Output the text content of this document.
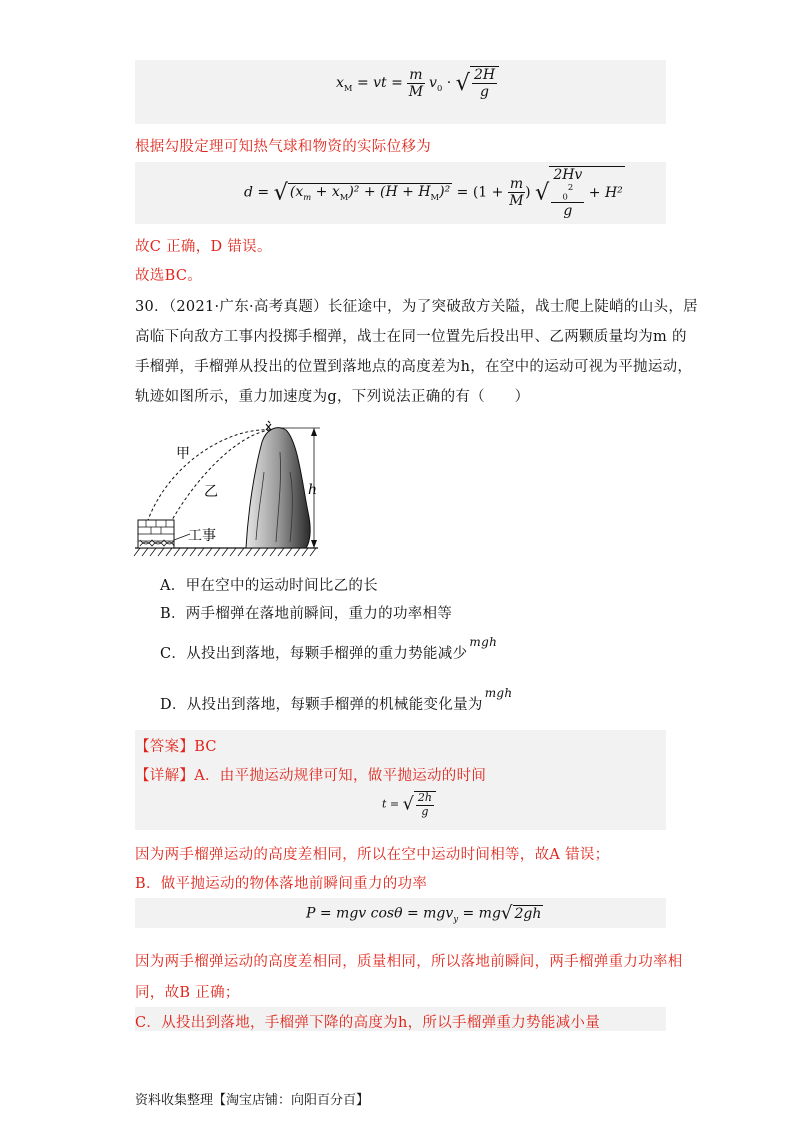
$x_M$ = vt = $\frac{m}{M} v_0$ · √ $\frac{2H}{g}$
根据勾股定理可知热气球和物资的实际位移为
d = √ $(x_m + x_M)^2 + (H + H_M)^2 = (1 + \frac{m}{M}$ ) √ 2Hv
$_0^2$
g + H²
故C 正确，D 错误。
故选BC。
30．（2021·广东·高考真题）长征途中，为了突破敌方关隘，战士爬上陡峭的山头，居
高临下向敌方工事内投掷手榴弹，战士在同一位置先后投出甲、乙两颗质量均为m 的
手榴弹，手榴弹从投出的位置到落地点的高度差为h，在空中的运动可视为平抛运动，
轨迹如图所示，重力加速度为g，下列说法正确的有（　　）
甲
乙	h
工事
A．甲在空中的运动时间比乙的长
B．两手榴弹在落地前瞬间，重力的功率相等
C．从投出到落地，每颗手榴弹的重力势能减少$^{mgh}$
D．从投出到落地，每颗手榴弹的机械能变化量为$^{mgh}$
【答案】BC
【详解】A．由平抛运动规律可知，做平抛运动的时间
t = √ $\frac{2h}{g}$
因为两手榴弹运动的高度差相同，所以在空中运动时间相等，故A 错误；
B．做平抛运动的物体落地前瞬间重力的功率
P = mgv cosθ = mgv$_y$ = mg√ 2gh
因为两手榴弹运动的高度差相同，质量相同，所以落地前瞬间，两手榴弹重力功率相
同，故B 正确；
C．从投出到落地，手榴弹下降的高度为h，所以手榴弹重力势能减小量
资料收集整理【淘宝店铺：向阳百分百】
